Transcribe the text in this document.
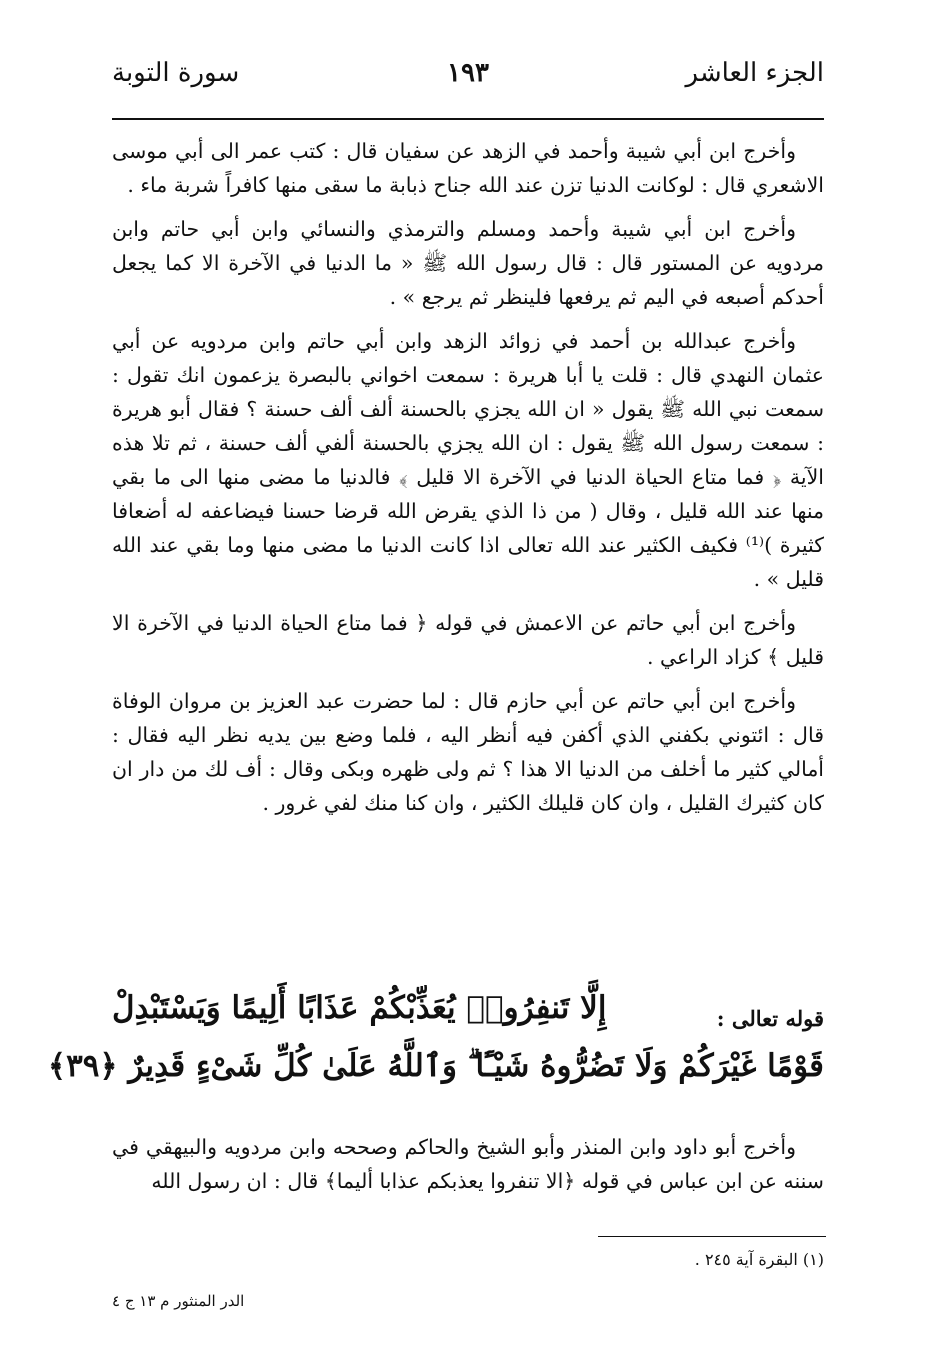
الجزء العاشر
١٩٣
سورة التوبة

وأخرج ابن أبي شيبة وأحمد في الزهد عن سفيان قال : كتب عمر الى أبي موسى الاشعري قال : لوكانت الدنيا تزن عند الله جناح ذبابة ما سقى منها كافراً شربة ماء .

وأخرج ابن أبي شيبة وأحمد ومسلم والترمذي والنسائي وابن أبي حاتم وابن مردويه عن المستور قال : قال رسول الله ﷺ « ما الدنيا في الآخرة الا كما يجعل أحدكم أصبعه في اليم ثم يرفعها فلينظر ثم يرجع » .

وأخرج عبدالله بن أحمد في زوائد الزهد وابن أبي حاتم وابن مردويه عن أبي عثمان النهدي قال : قلت يا أبا هريرة : سمعت اخواني بالبصرة يزعمون انك تقول : سمعت نبي الله ﷺ يقول « ان الله يجزي بالحسنة ألف ألف حسنة ؟ فقال أبو هريرة : سمعت رسول الله ﷺ يقول : ان الله يجزي بالحسنة ألفي ألف حسنة ، ثم تلا هذه الآية ﴿ فما متاع الحياة الدنيا في الآخرة الا قليل ﴾ فالدنيا ما مضى منها الى ما بقي منها عند الله قليل ، وقال ( من ذا الذي يقرض الله قرضا حسنا فيضاعفه له أضعافا كثيرة )⁽¹⁾ فكيف الكثير عند الله تعالى اذا كانت الدنيا ما مضى منها وما بقي عند الله قليل » .

وأخرج ابن أبي حاتم عن الاعمش في قوله ﴿ فما متاع الحياة الدنيا في الآخرة الا قليل ﴾ كزاد الراعي .

وأخرج ابن أبي حاتم عن أبي حازم قال : لما حضرت عبد العزيز بن مروان الوفاة قال : ائتوني بكفني الذي أكفن فيه أنظر اليه ، فلما وضع بين يديه نظر اليه فقال : أمالي كثير ما أخلف من الدنيا الا هذا ؟ ثم ولى ظهره وبكى وقال : أف لك من دار ان كان كثيرك القليل ، وان كان قليلك الكثير ، وان كنا منك لفي غرور .

قوله تعالى :
إِلَّا تَنفِرُوا۟ يُعَذِّبْكُمْ عَذَابًا أَلِيمًا وَيَسْتَبْدِلْ
قَوْمًا غَيْرَكُمْ وَلَا تَضُرُّوهُ شَيْـًٔا ۗ وَٱللَّهُ عَلَىٰ كُلِّ شَىْءٍ قَدِيرٌ ﴿٣٩﴾

وأخرج أبو داود وابن المنذر وأبو الشيخ والحاكم وصححه وابن مردويه والبيهقي في سننه عن ابن عباس في قوله ﴿الا تنفروا يعذبكم عذابا أليما﴾ قال : ان رسول الله

(١) البقرة آية ٢٤٥ .
الدر المنثور م ١٣ ج ٤
